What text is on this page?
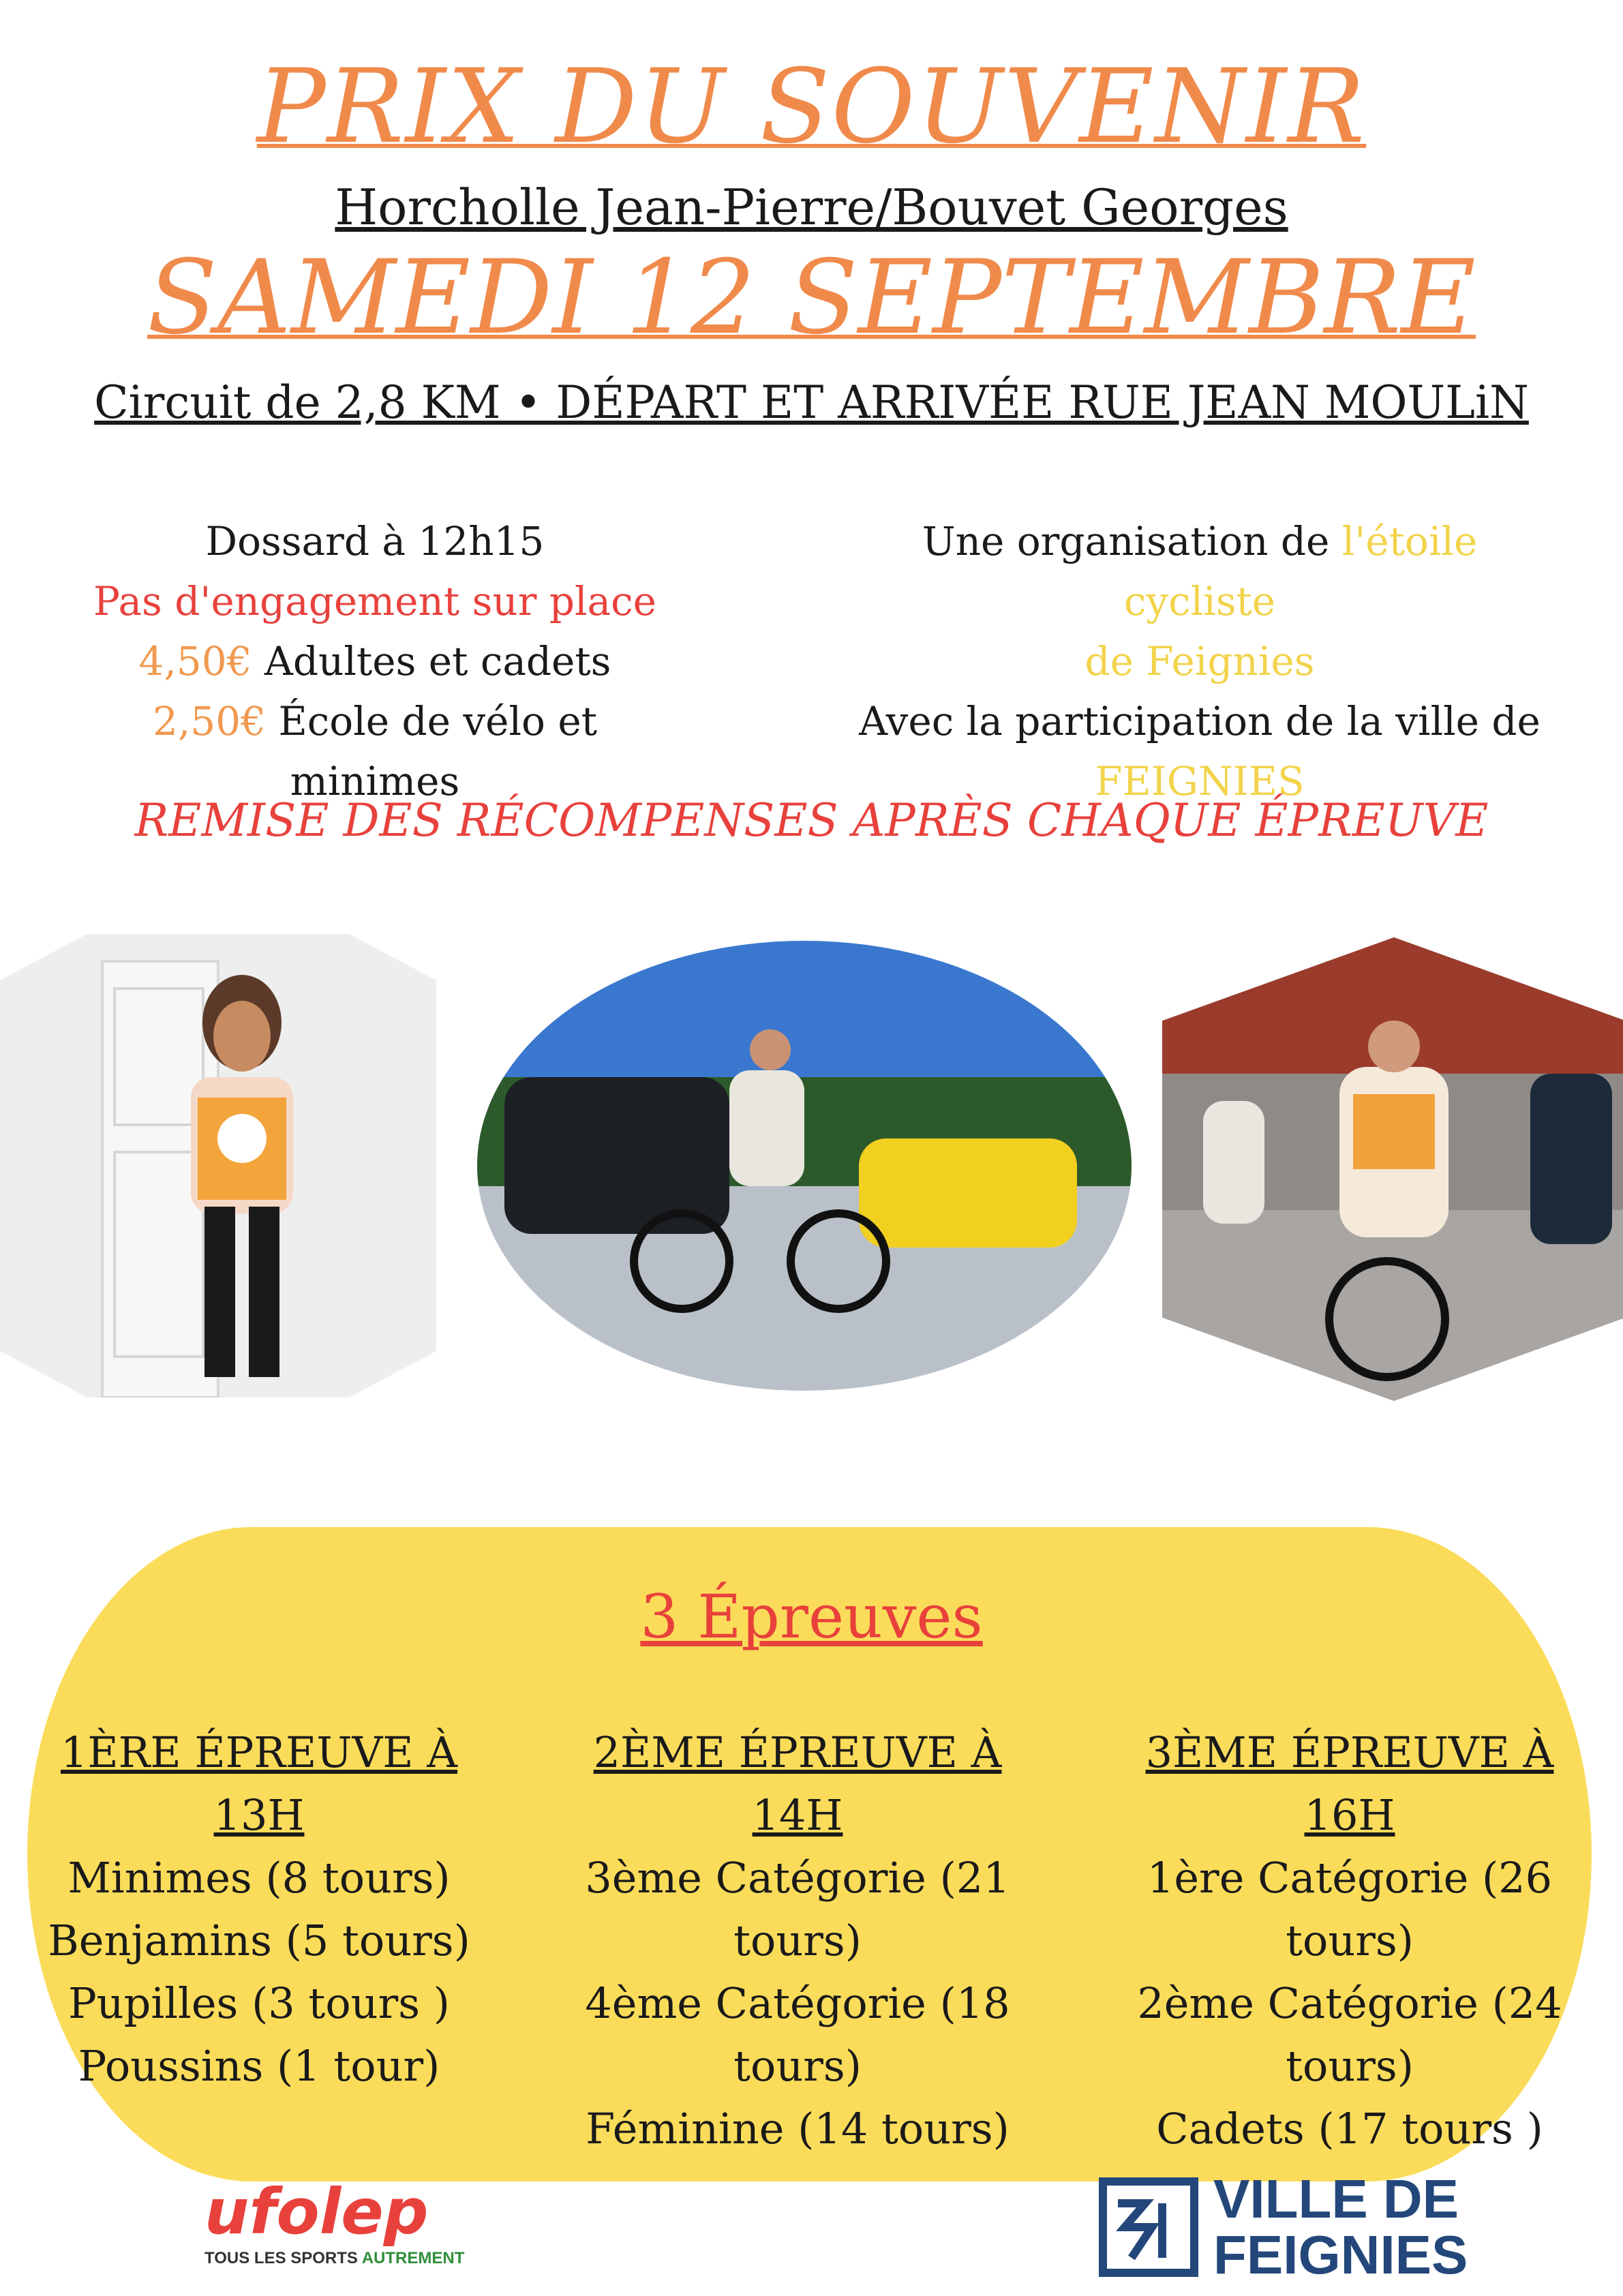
PRIX DU SOUVENIR
Horcholle Jean-Pierre/Bouvet Georges
SAMEDI 12 SEPTEMBRE
Circuit de 2,8 KM • DÉPART ET ARRIVÉE RUE JEAN MOULiN
Dossard à 12h15
Pas d'engagement sur place
4,50€ Adultes et cadets
2,50€ École de vélo et minimes
Une organisation de l'étoile cycliste
de Feignies
Avec la participation de la ville de
FEIGNIES
REMISE DES RÉCOMPENSES APRÈS CHAQUE ÉPREUVE
3 Épreuves
1ÈRE ÉPREUVE À 13H
Minimes (8 tours)
Benjamins (5 tours)
Pupilles (3 tours )
Poussins (1 tour)
2ÈME ÉPREUVE À 14H
3ème Catégorie (21 tours)
4ème Catégorie (18 tours)
Féminine (14 tours)
3ÈME ÉPREUVE À 16H
1ère Catégorie (26 tours)
2ème Catégorie (24 tours)
Cadets (17 tours )
ufolep
TOUS LES SPORTS AUTREMENT
VILLE DE
FEIGNIES
